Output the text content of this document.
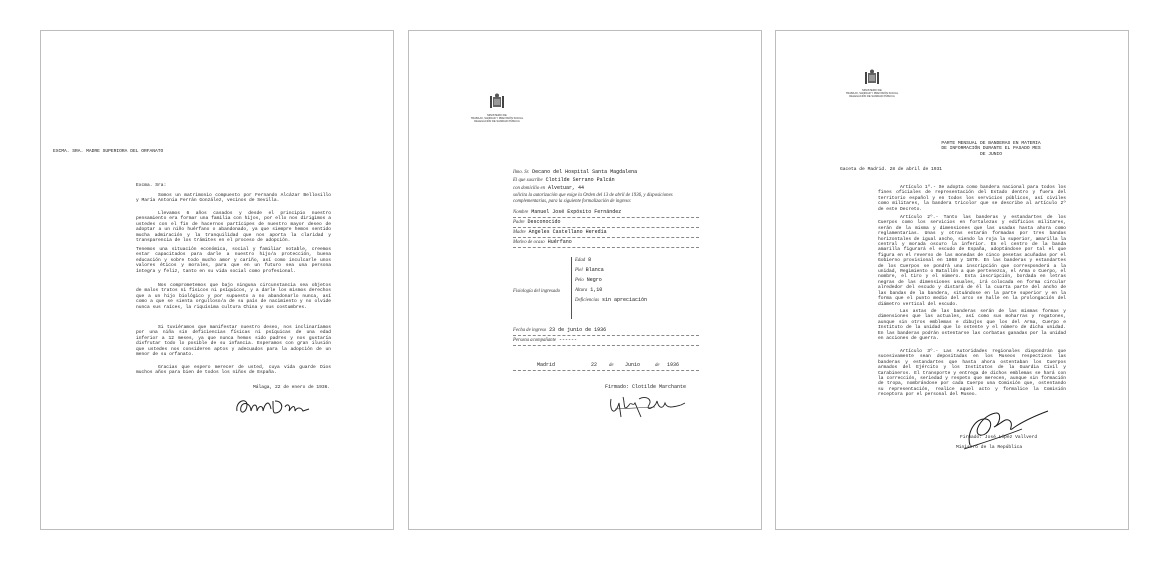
EXCMA. SRA. MADRE SUPERIORA DEL ORFANATO
Excma. Sra:
Somos un matrimonio compuesto por Fernando Alcázar Bellosillo y María Antonia Ferrán González, vecinos de Sevilla.
Llevamos 6 años casados y desde el principio nuestro pensamiento era formar una familia con hijos, por ello nos dirigimos a ustedes con el fin de hacernos partícipes de nuestro mayor deseo de adoptar a un niño huérfano o abandonado, ya que siempre hemos sentido mucha admiración y la tranquilidad que nos aporta la claridad y transparencia de los trámites en el proceso de adopción.
Tenemos una situación económica, social y familiar notable, creemos estar capacitados para darle a nuestro hijo/a protección, buena educación y sobre todo mucho amor y cariño, así como inculcarle unos valores éticos y morales, para que en un futuro sea una persona íntegra y feliz, tanto en su vida social como profesional.
Nos comprometemos que bajo ninguna circunstancia sea objetos de malos tratos ni físicos ni psíquicos, y a darle los mismos derechos que a un hijo biológico y por supuesto a no abandonarlo nunca, así como a que se sienta orgulloso/a de su país de nacimiento y no olvide nunca sus raíces, la riquísima cultura China y sus costumbres.
Si tuviéramos que manifestar nuestro deseo, nos inclinaríamos por una niña sin deficiencias físicas ni psíquicas de una edad inferior a 12 meses, ya que nunca hemos sido padres y nos gustaría disfrutar todo lo posible de su infancia. Esperamos con gran ilusión que ustedes nos consideren aptos y adecuados para la adopción de un menor de su orfanato.
Gracias que espero merecer de usted, cuya vida guarde Dios muchos años para bien de todos los niños de España.
Málaga, 22 de enero de 1936.
MINISTERIO DE
TRABAJO, SANIDAD Y PREVISIÓN SOCIAL
DELEGACIÓN DE SANIDAD PÚBLICA
Ilmo. Sr. Decano del Hospital Santa Magdalena
El que suscribe Clotilde Serrano Palcán
con domicilio en Alvetuar, 44
solicita la autorización que exige la Orden del 13 de abril de 1936, y disposiciones complementarias, para la siguiente formalización de ingreso:
Nombre Manuel José Expósito Fernández
Padre Desconocido
Madre Angeles Castellano Heredia
Motivo de ocaso Huérfano
Fisiología del ingresado
Edad 8
Piel Blanca
Pelo Negro
Altura 1,10
Deficiencias sin apreciación
Fecha de ingreso 23 de junio de 1936
Persona acompañante ------
Madrid	22 de Junio	de 1936
Firmado: Clotilde Marchante
MINISTERIO DE
TRABAJO, SANIDAD Y PREVISIÓN SOCIAL
DELEGACIÓN DE SANIDAD PÚBLICA
PARTE MENSUAL DE BANDERAS EN MATERIA
DE INFORMACIÓN DURANTE EL PASADO MES
DE JUNIO
Gaceta de Madrid. 28 de abril de 1931
Artículo 1º.- Se adopta como bandera nacional para todos los fines oficiales de representación del Estado dentro y fuera del territorio español y en todos los servicios públicos, así civiles como militares, la bandera tricolor que se describe al artículo 2º de este Decreto.
Artículo 2º.- Tanto las banderas y estandartes de los Cuerpos como los servicios en fortalezas y edificios militares, serán de la misma y dimensiones que las usadas hasta ahora como reglamentarias. Unas y otras estarán formadas por tres bandas horizontales de igual ancho, siendo la roja la superior, amarilla la central y morada oscuro la inferior. En el centro de la banda amarilla figurará el escudo de España, adoptándose por tal el que figura en el reverso de las monedas de cinco pesetas acuñadas por el Gobierno provisional en 1868 y 1870. En las banderas y estandartes de los Cuerpos se pondrá una inscripción que corresponderá a la unidad, Regimiento o Batallón a que pertenezca, el Arma o Cuerpo, el nombre, el tiro y el número. Esta inscripción, bordada en letras negras de las dimensiones usuales, irá colocada en forma circular alrededor del escudo y distará de él la cuarta parte del ancho de las bandas de la bandera, situándose en la parte superior y en la forma que el punto medio del arco se halle en la prolongación del diámetro vertical del escudo.
Las astas de las banderas serán de las mismas formas y dimensiones que las actuales, así como sus moharras y regatones, aunque sin otros emblemas e dibujos que los del Arma, Cuerpo e Instituto de la unidad que lo ostente y el número de dicha unidad. En las banderas podrán ostentarse las corbatas ganadas por la unidad en acciones de guerra.
Artículo 3º.- Las Autoridades regionales dispondrán que sucesivamente sean depositadas en los Museos respectivos las banderas y estandartes que hasta ahora ostentaban los Cuerpos armados del Ejército y los Institutos de la Guardia Civil y Carabineros. El transporte y entrega de dichos emblemas se hará con la corrección, seriedad y respeto que merecen, aunque sin formación de tropa, nombrándose por cada Cuerpo una Comisión que, ostentando su representación, realice aquel acto y formalice la Comisión receptora por el personal del Museo.
Firmado: José López Vallverd
Ministro de la República
